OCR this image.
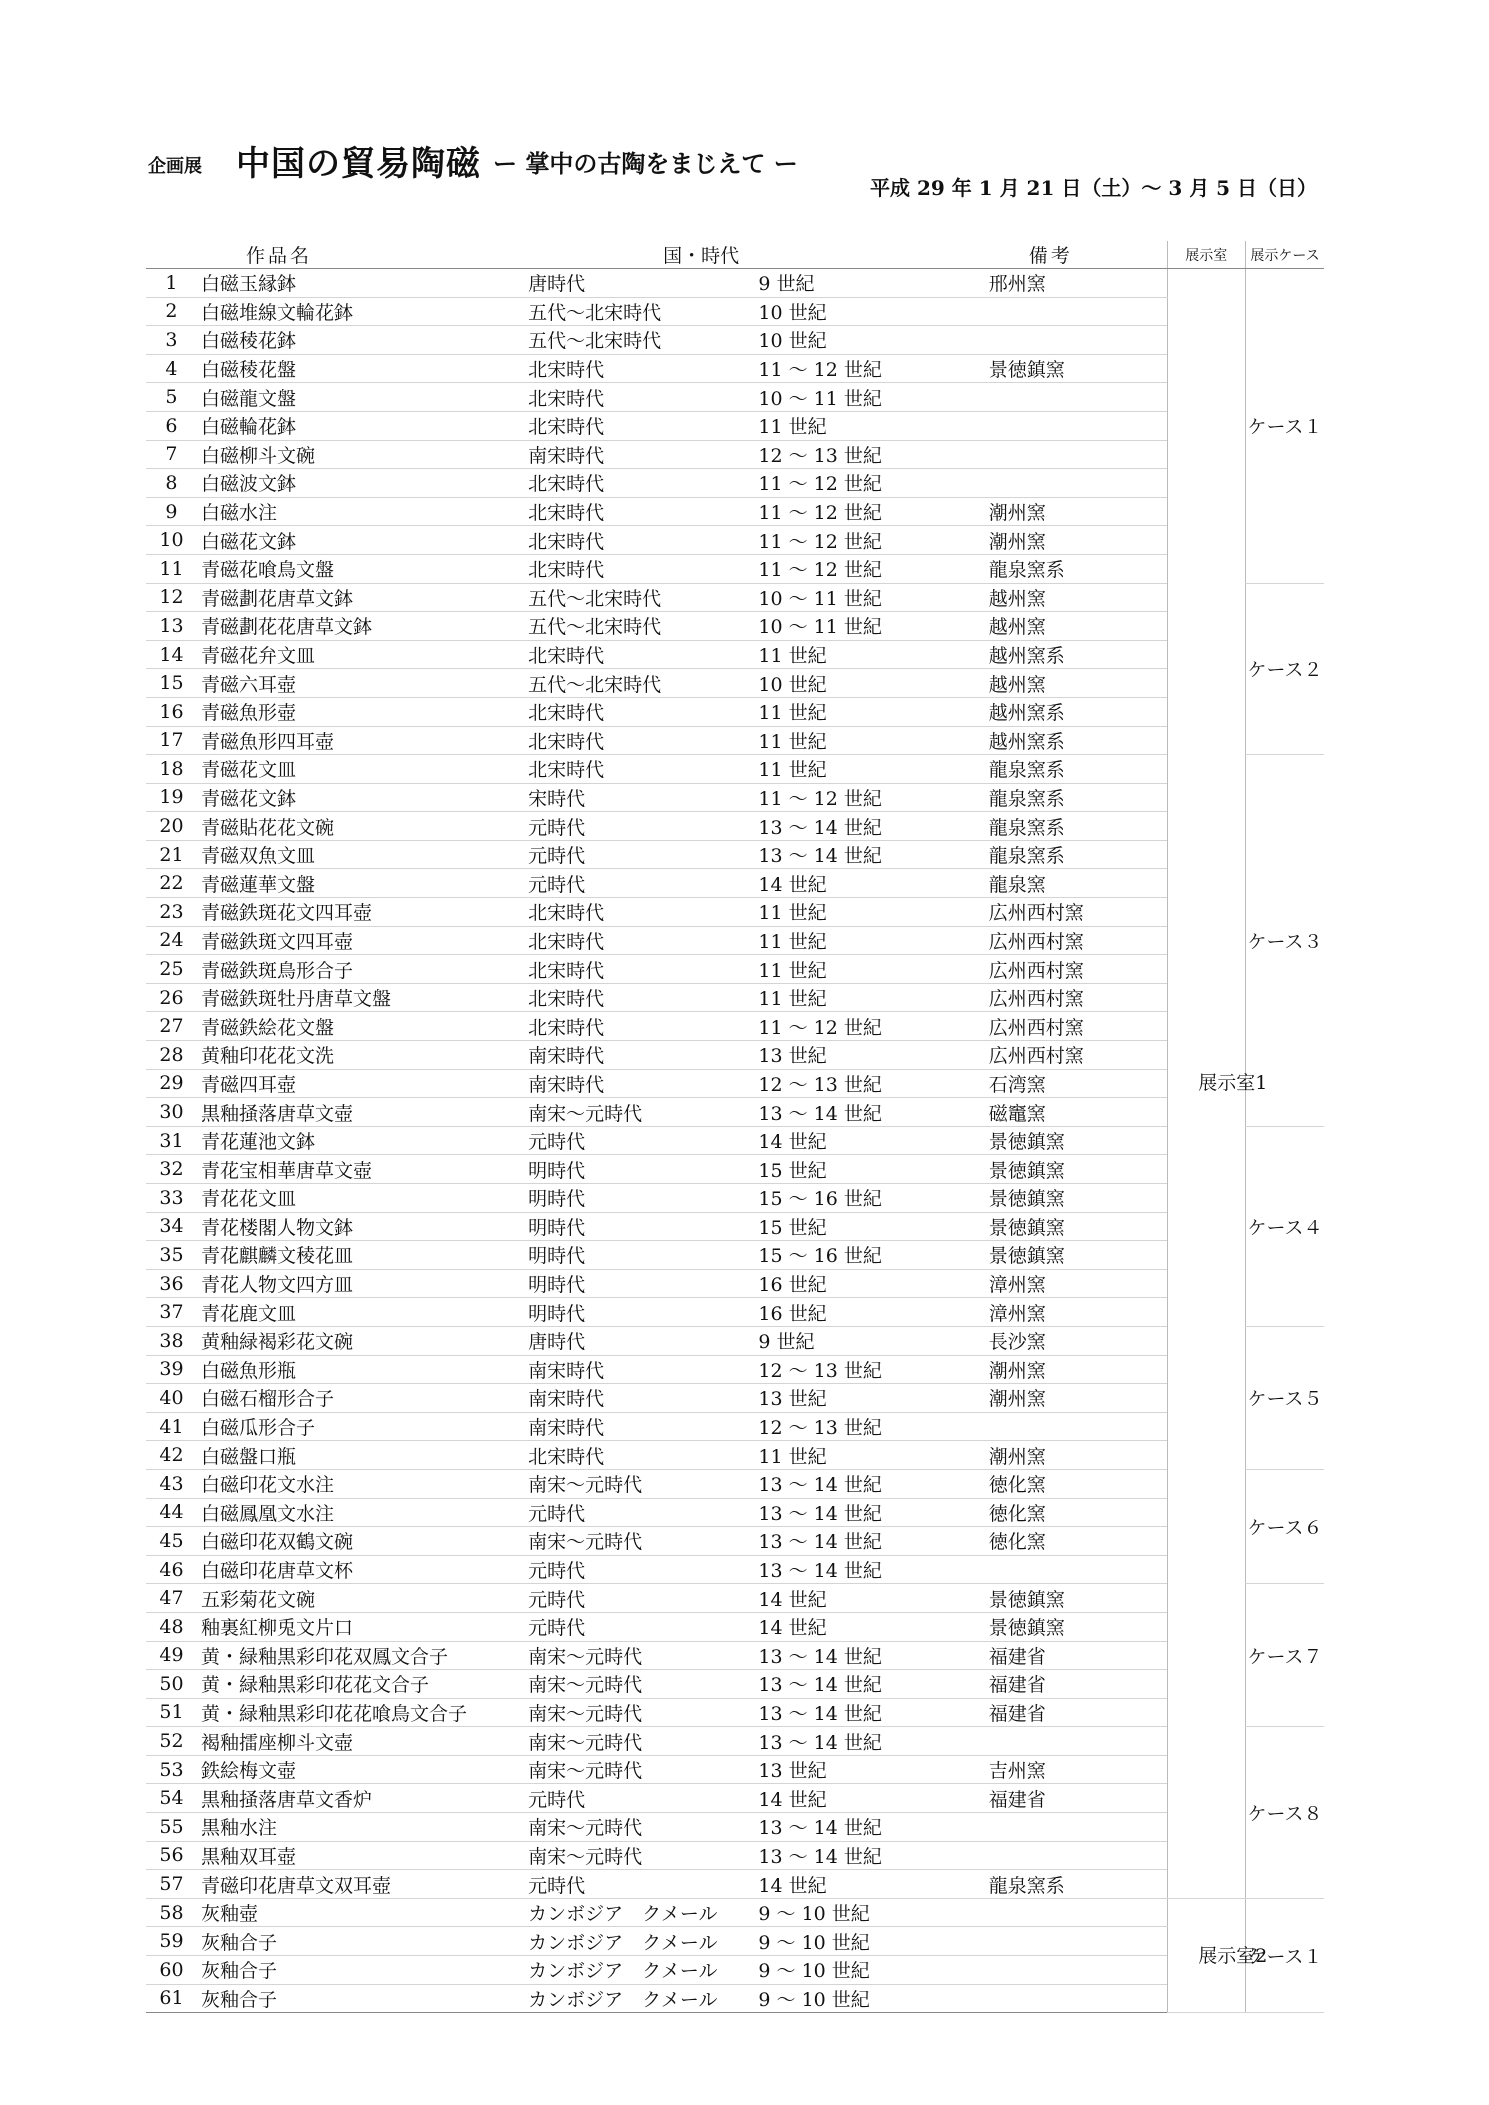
企画展 中国の貿易陶磁 ー 掌中の古陶をまじえて ー
平成 29 年 1 月 21 日（土）～ 3 月 5 日（日）
作品名		国・時代		備考	展示室	展示ケース
1	白磁玉縁鉢	唐時代	9 世紀	邢州窯	展示室1	ケース１
2	白磁堆線文輪花鉢	五代～北宋時代	10 世紀			
3	白磁稜花鉢	五代～北宋時代	10 世紀			
4	白磁稜花盤	北宋時代	11 ～ 12 世紀	景徳鎮窯		
5	白磁龍文盤	北宋時代	10 ～ 11 世紀			
6	白磁輪花鉢	北宋時代	11 世紀			
7	白磁柳斗文碗	南宋時代	12 ～ 13 世紀			
8	白磁波文鉢	北宋時代	11 ～ 12 世紀			
9	白磁水注	北宋時代	11 ～ 12 世紀	潮州窯		
10	白磁花文鉢	北宋時代	11 ～ 12 世紀	潮州窯		
11	青磁花喰鳥文盤	北宋時代	11 ～ 12 世紀	龍泉窯系		
12	青磁劃花唐草文鉢	五代～北宋時代	10 ～ 11 世紀	越州窯		ケース２
13	青磁劃花花唐草文鉢	五代～北宋時代	10 ～ 11 世紀	越州窯		
14	青磁花弁文皿	北宋時代	11 世紀	越州窯系		
15	青磁六耳壺	五代～北宋時代	10 世紀	越州窯		
16	青磁魚形壺	北宋時代	11 世紀	越州窯系		
17	青磁魚形四耳壺	北宋時代	11 世紀	越州窯系		
18	青磁花文皿	北宋時代	11 世紀	龍泉窯系		ケース３
19	青磁花文鉢	宋時代	11 ～ 12 世紀	龍泉窯系		
20	青磁貼花花文碗	元時代	13 ～ 14 世紀	龍泉窯系		
21	青磁双魚文皿	元時代	13 ～ 14 世紀	龍泉窯系		
22	青磁蓮華文盤	元時代	14 世紀	龍泉窯		
23	青磁鉄斑花文四耳壺	北宋時代	11 世紀	広州西村窯		
24	青磁鉄斑文四耳壺	北宋時代	11 世紀	広州西村窯		
25	青磁鉄斑鳥形合子	北宋時代	11 世紀	広州西村窯		
26	青磁鉄斑牡丹唐草文盤	北宋時代	11 世紀	広州西村窯		
27	青磁鉄絵花文盤	北宋時代	11 ～ 12 世紀	広州西村窯		
28	黄釉印花花文洗	南宋時代	13 世紀	広州西村窯		
29	青磁四耳壺	南宋時代	12 ～ 13 世紀	石湾窯		
30	黒釉掻落唐草文壺	南宋～元時代	13 ～ 14 世紀	磁竈窯		
31	青花蓮池文鉢	元時代	14 世紀	景徳鎮窯		ケース４
32	青花宝相華唐草文壺	明時代	15 世紀	景徳鎮窯		
33	青花花文皿	明時代	15 ～ 16 世紀	景徳鎮窯		
34	青花楼閣人物文鉢	明時代	15 世紀	景徳鎮窯		
35	青花麒麟文稜花皿	明時代	15 ～ 16 世紀	景徳鎮窯		
36	青花人物文四方皿	明時代	16 世紀	漳州窯		
37	青花鹿文皿	明時代	16 世紀	漳州窯		
38	黄釉緑褐彩花文碗	唐時代	9 世紀	長沙窯		ケース５
39	白磁魚形瓶	南宋時代	12 ～ 13 世紀	潮州窯		
40	白磁石榴形合子	南宋時代	13 世紀	潮州窯		
41	白磁瓜形合子	南宋時代	12 ～ 13 世紀			
42	白磁盤口瓶	北宋時代	11 世紀	潮州窯		
43	白磁印花文水注	南宋～元時代	13 ～ 14 世紀	徳化窯		ケース６
44	白磁鳳凰文水注	元時代	13 ～ 14 世紀	徳化窯		
45	白磁印花双鶴文碗	南宋～元時代	13 ～ 14 世紀	徳化窯		
46	白磁印花唐草文杯	元時代	13 ～ 14 世紀			
47	五彩菊花文碗	元時代	14 世紀	景徳鎮窯		ケース７
48	釉裏紅柳兎文片口	元時代	14 世紀	景徳鎮窯		
49	黄・緑釉黒彩印花双鳳文合子	南宋～元時代	13 ～ 14 世紀	福建省		
50	黄・緑釉黒彩印花花文合子	南宋～元時代	13 ～ 14 世紀	福建省		
51	黄・緑釉黒彩印花花喰鳥文合子	南宋～元時代	13 ～ 14 世紀	福建省		
52	褐釉擂座柳斗文壺	南宋～元時代	13 ～ 14 世紀			ケース８
53	鉄絵梅文壺	南宋～元時代	13 世紀	吉州窯		
54	黒釉掻落唐草文香炉	元時代	14 世紀	福建省		
55	黒釉水注	南宋～元時代	13 ～ 14 世紀			
56	黒釉双耳壺	南宋～元時代	13 ～ 14 世紀			
57	青磁印花唐草文双耳壺	元時代	14 世紀	龍泉窯系		
58	灰釉壺	カンボジア　クメール	9 ～ 10 世紀		展示室2	ケース１
59	灰釉合子	カンボジア　クメール	9 ～ 10 世紀			
60	灰釉合子	カンボジア　クメール	9 ～ 10 世紀			
61	灰釉合子	カンボジア　クメール	9 ～ 10 世紀			
